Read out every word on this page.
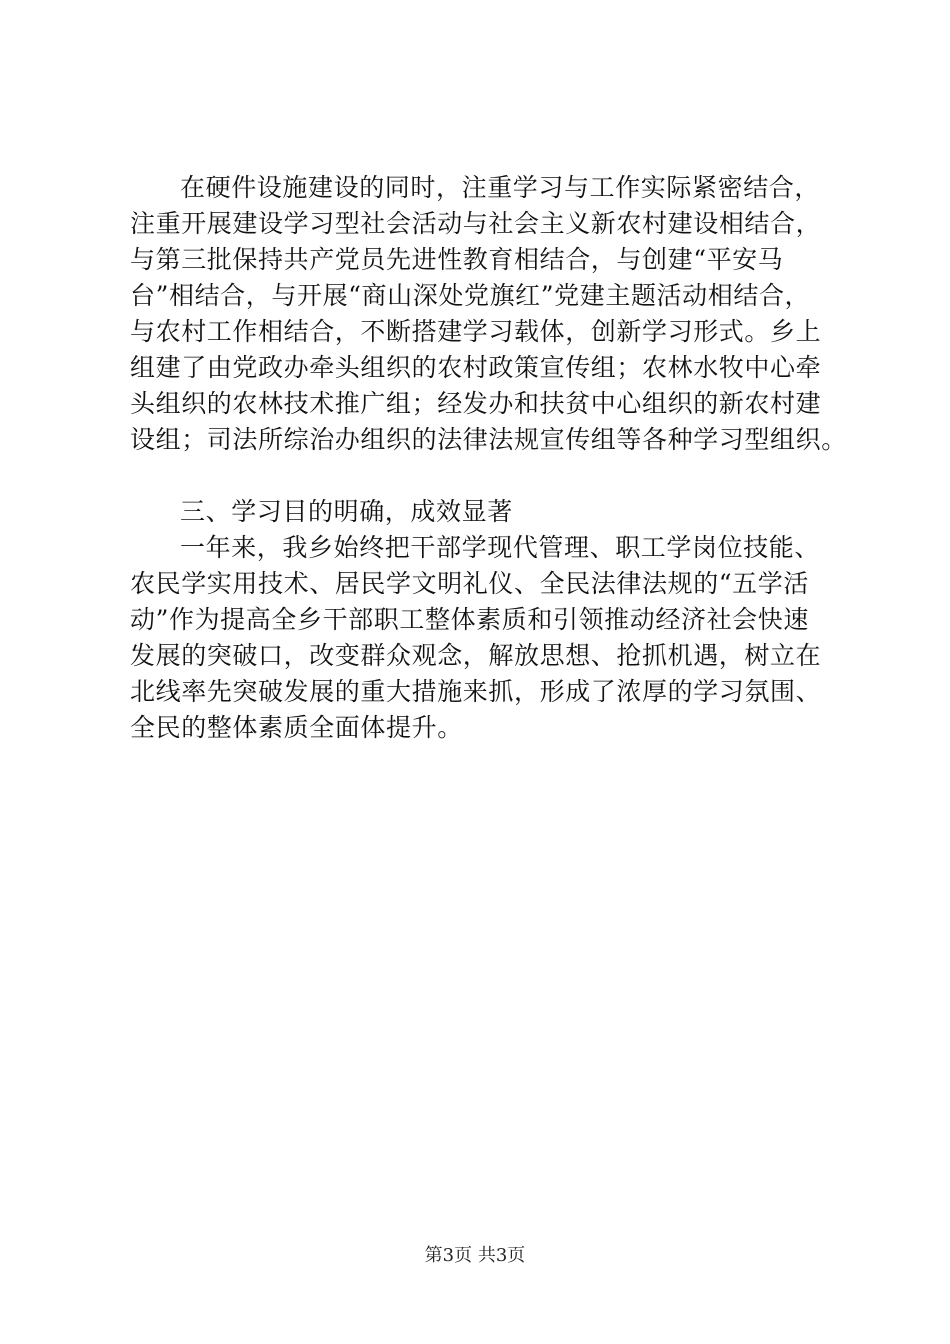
在硬件设施建设的同时，注重学习与工作实际紧密结合，
注重开展建设学习型社会活动与社会主义新农村建设相结合，
与第三批保持共产党员先进性教育相结合，与创建“平安马
台”相结合，与开展“商山深处党旗红”党建主题活动相结合，
与农村工作相结合，不断搭建学习载体，创新学习形式。乡上
组建了由党政办牵头组织的农村政策宣传组；农林水牧中心牵
头组织的农林技术推广组；经发办和扶贫中心组织的新农村建
设组；司法所综治办组织的法律法规宣传组等各种学习型组织。
三、学习目的明确，成效显著
一年来，我乡始终把干部学现代管理、职工学岗位技能、
农民学实用技术、居民学文明礼仪、全民法律法规的“五学活
动”作为提高全乡干部职工整体素质和引领推动经济社会快速
发展的突破口，改变群众观念，解放思想、抢抓机遇，树立在
北线率先突破发展的重大措施来抓，形成了浓厚的学习氛围、
全民的整体素质全面体提升。
第3页 共3页
